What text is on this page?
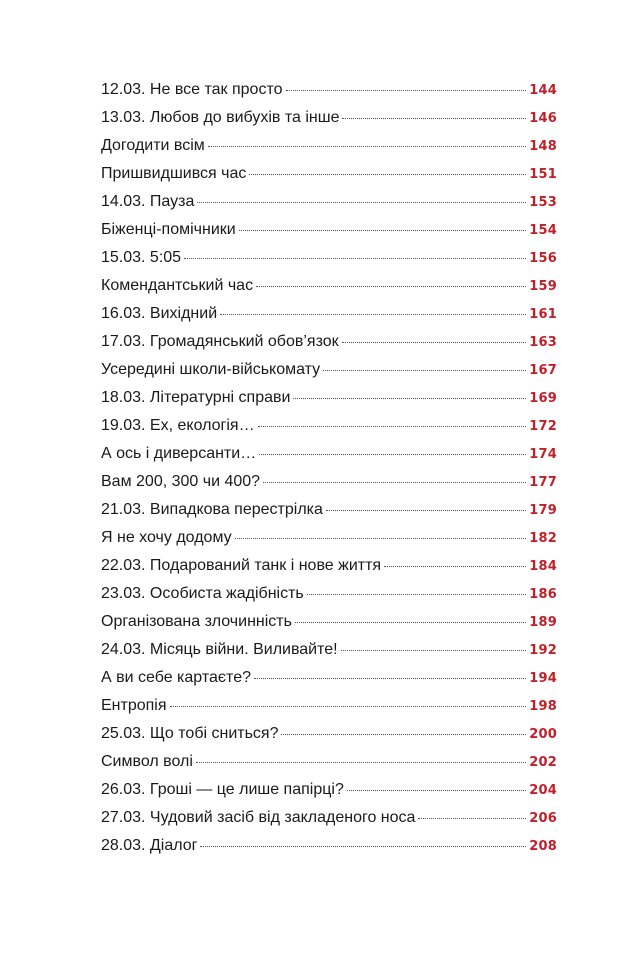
12.03. Не все так просто	144
13.03. Любов до вибухів та інше	146
Догодити всім	148
Пришвидшився час	151
14.03. Пауза	153
Біженці-помічники	154
15.03. 5:05	156
Комендантський час	159
16.03. Вихідний	161
17.03. Громадянський обов’язок	163
Усередині школи-військомату	167
18.03. Літературні справи	169
19.03. Ех, екологія…	172
А ось і диверсанти…	174
Вам 200, 300 чи 400?	177
21.03. Випадкова перестрілка	179
Я не хочу додому	182
22.03. Подарований танк і нове життя	184
23.03. Особиста жадібність	186
Організована злочинність	189
24.03. Місяць війни. Виливайте!	192
А ви себе картаєте?	194
Ентропія	198
25.03. Що тобі сниться?	200
Символ волі	202
26.03. Гроші — це лише папірці?	204
27.03. Чудовий засіб від закладеного носа	206
28.03. Діалог	208
